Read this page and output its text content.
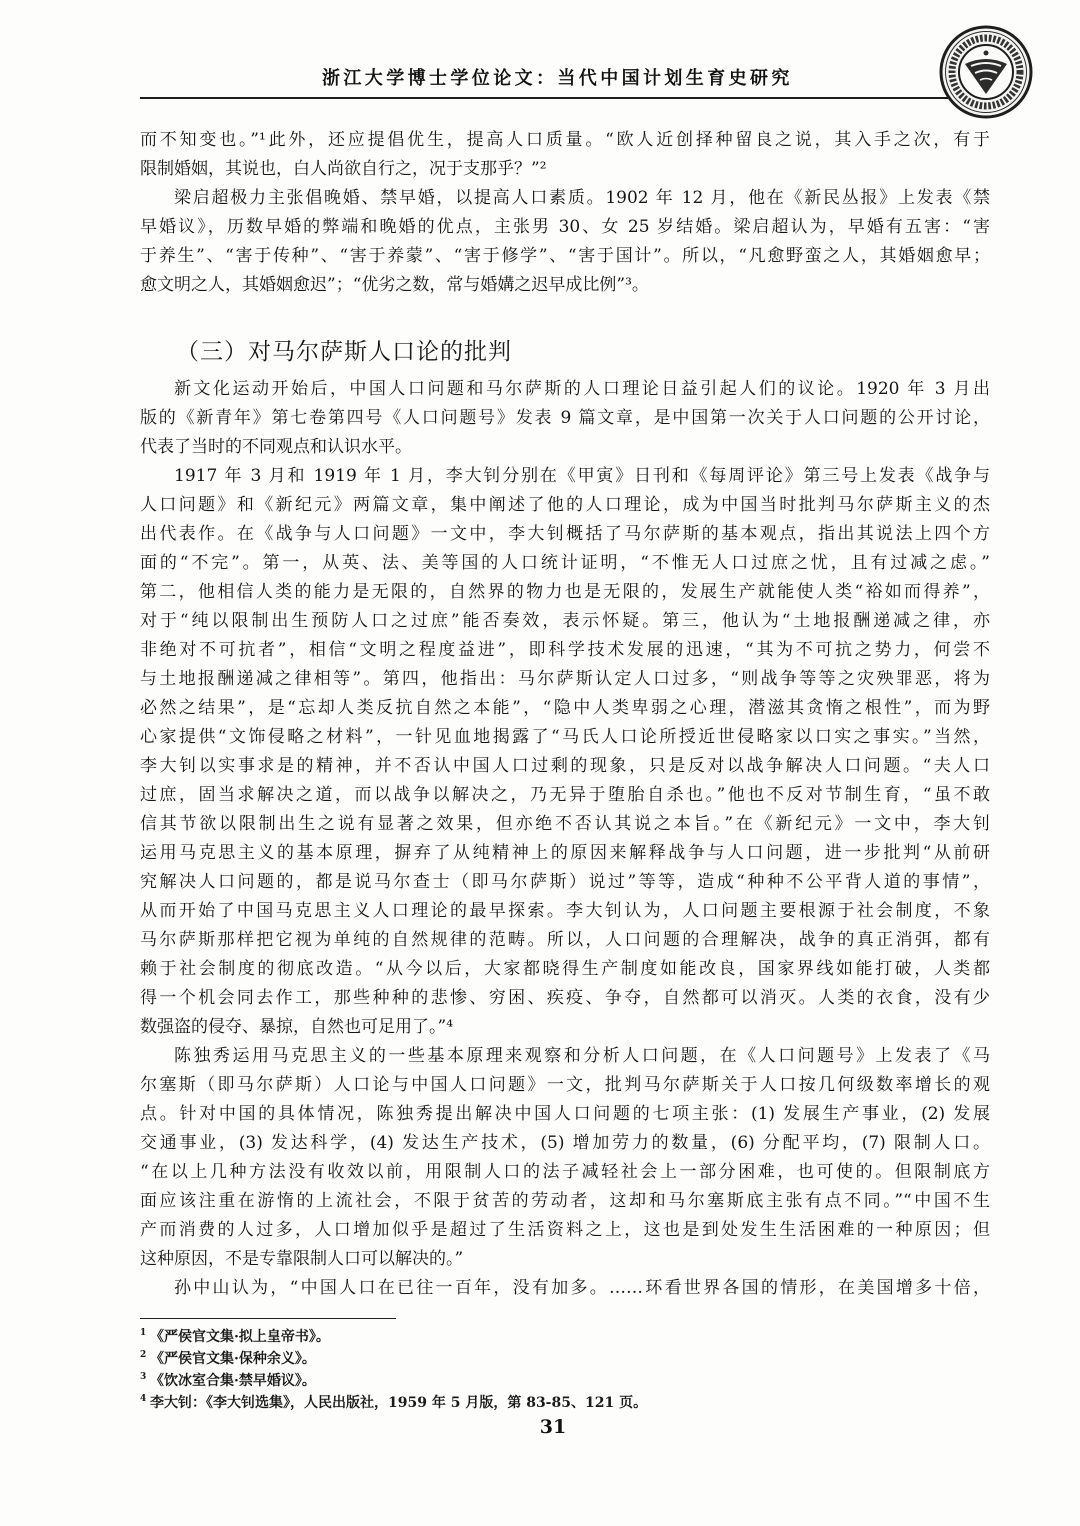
浙江大学博士学位论文：当代中国计划生育史研究
而不知变也。”¹此外，还应提倡优生，提高人口质量。“欧人近创择种留良之说，其入手之次，有于
限制婚姻，其说也，白人尚欲自行之，况于支那乎？”²
梁启超极力主张倡晚婚、禁早婚，以提高人口素质。1902 年 12 月，他在《新民丛报》上发表《禁
早婚议》，历数早婚的弊端和晚婚的优点，主张男 30、女 25 岁结婚。梁启超认为，早婚有五害：“害
于养生”、“害于传种”、“害于养蒙”、“害于修学”、“害于国计”。所以，“凡愈野蛮之人，其婚姻愈早；
愈文明之人，其婚姻愈迟”；“优劣之数，常与婚媾之迟早成比例”³。
（三）对马尔萨斯人口论的批判
新文化运动开始后，中国人口问题和马尔萨斯的人口理论日益引起人们的议论。1920 年 3 月出
版的《新青年》第七卷第四号《人口问题号》发表 9 篇文章，是中国第一次关于人口问题的公开讨论，
代表了当时的不同观点和认识水平。
1917 年 3 月和 1919 年 1 月，李大钊分别在《甲寅》日刊和《每周评论》第三号上发表《战争与
人口问题》和《新纪元》两篇文章，集中阐述了他的人口理论，成为中国当时批判马尔萨斯主义的杰
出代表作。在《战争与人口问题》一文中，李大钊概括了马尔萨斯的基本观点，指出其说法上四个方
面的“不完”。第一，从英、法、美等国的人口统计证明，“不惟无人口过庶之忧，且有过减之虑。”
第二，他相信人类的能力是无限的，自然界的物力也是无限的，发展生产就能使人类“裕如而得养”，
对于“纯以限制出生预防人口之过庶”能否奏效，表示怀疑。第三，他认为“土地报酬递减之律，亦
非绝对不可抗者”，相信“文明之程度益进”，即科学技术发展的迅速，“其为不可抗之势力，何尝不
与土地报酬递减之律相等”。第四，他指出：马尔萨斯认定人口过多，“则战争等等之灾殃罪恶，将为
必然之结果”，是“忘却人类反抗自然之本能”，“隐中人类卑弱之心理，潜滋其贪惰之根性”，而为野
心家提供“文饰侵略之材料”，一针见血地揭露了“马氏人口论所授近世侵略家以口实之事实。”当然，
李大钊以实事求是的精神，并不否认中国人口过剩的现象，只是反对以战争解决人口问题。“夫人口
过庶，固当求解决之道，而以战争以解决之，乃无异于堕胎自杀也。”他也不反对节制生育，“虽不敢
信其节欲以限制出生之说有显著之效果，但亦绝不否认其说之本旨。”在《新纪元》一文中，李大钊
运用马克思主义的基本原理，摒弃了从纯精神上的原因来解释战争与人口问题，进一步批判“从前研
究解决人口问题的，都是说马尔查士（即马尔萨斯）说过”等等，造成“种种不公平背人道的事情”，
从而开始了中国马克思主义人口理论的最早探索。李大钊认为，人口问题主要根源于社会制度，不象
马尔萨斯那样把它视为单纯的自然规律的范畴。所以，人口问题的合理解决，战争的真正消弭，都有
赖于社会制度的彻底改造。“从今以后，大家都晓得生产制度如能改良，国家界线如能打破，人类都
得一个机会同去作工，那些种种的悲惨、穷困、疾疫、争夺，自然都可以消灭。人类的衣食，没有少
数强盗的侵夺、暴掠，自然也可足用了。”⁴
陈独秀运用马克思主义的一些基本原理来观察和分析人口问题，在《人口问题号》上发表了《马
尔塞斯（即马尔萨斯）人口论与中国人口问题》一文，批判马尔萨斯关于人口按几何级数率增长的观
点。针对中国的具体情况，陈独秀提出解决中国人口问题的七项主张：(1) 发展生产事业，(2) 发展
交通事业，(3) 发达科学，(4) 发达生产技术，(5) 增加劳力的数量，(6) 分配平均，(7) 限制人口。
“在以上几种方法没有收效以前，用限制人口的法子减轻社会上一部分困难，也可使的。但限制底方
面应该注重在游惰的上流社会，不限于贫苦的劳动者，这却和马尔塞斯底主张有点不同。”“中国不生
产而消费的人过多，人口增加似乎是超过了生活资料之上，这也是到处发生生活困难的一种原因；但
这种原因，不是专靠限制人口可以解决的。”
孙中山认为，“中国人口在已往一百年，没有加多。……环看世界各国的情形，在美国增多十倍，
$^1$ 《严侯官文集·拟上皇帝书》。
$^2$ 《严侯官文集·保种余义》。
$^3$ 《饮冰室合集·禁早婚议》。
$^4$ 李大钊：《李大钊选集》，人民出版社，1959 年 5 月版，第 83-85、121 页。
31
